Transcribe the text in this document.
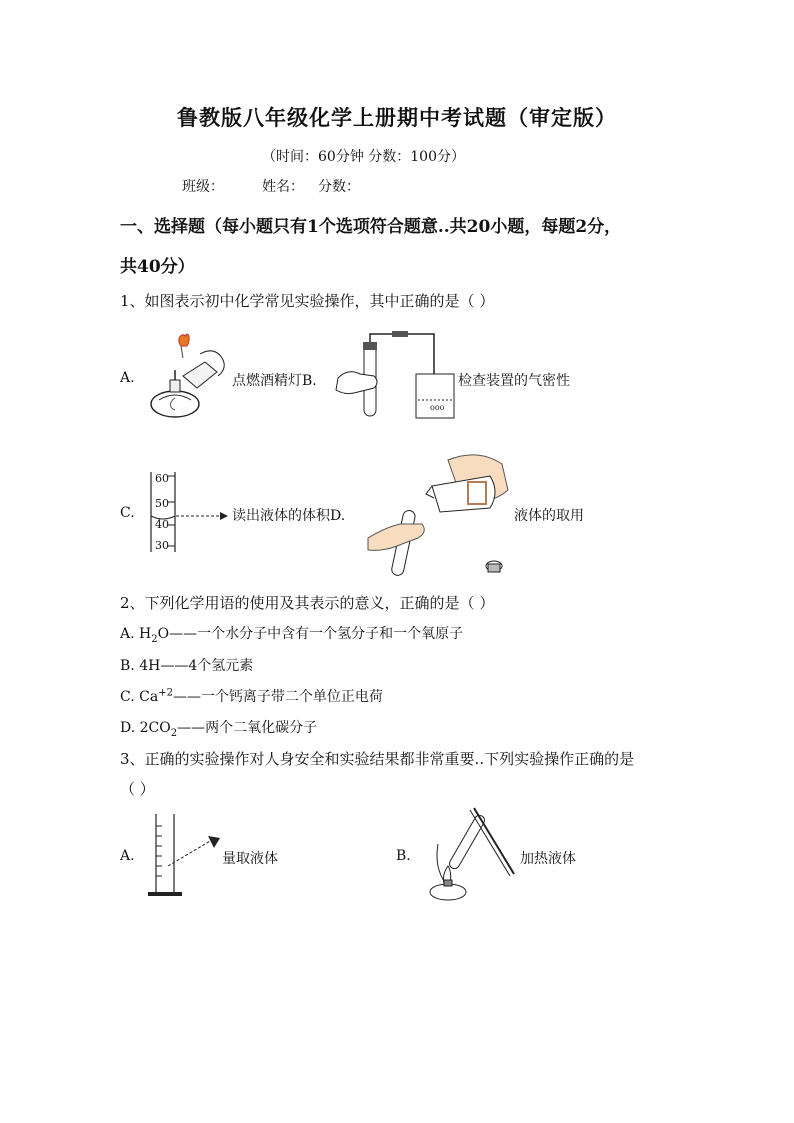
鲁教版八年级化学上册期中考试题（审定版）
（时间：60分钟 分数：100分）
班级：	姓名： 分数：
一、选择题（每小题只有1个选项符合题意..共20小题，每题2分，
共40分）
1、如图表示初中化学常见实验操作，其中正确的是（ ）
A.	点燃酒精灯B.
ooo
检查装置的气密性
C.
60
50
40
30
读出液体的体积D.	液体的取用
2、下列化学用语的使用及其表示的意义，正确的是（ ）
A. $H_2O——$一个水分子中含有一个氢分子和一个氧原子
B. 4H——4个氢元素
C. $Ca^{+2}——$一个钙离子带二个单位正电荷
D. $2CO_2——$两个二氧化碳分子
3、正确的实验操作对人身安全和实验结果都非常重要..下列实验操作正确的是
（ ）
A.	量取液体	B.	加热液体
